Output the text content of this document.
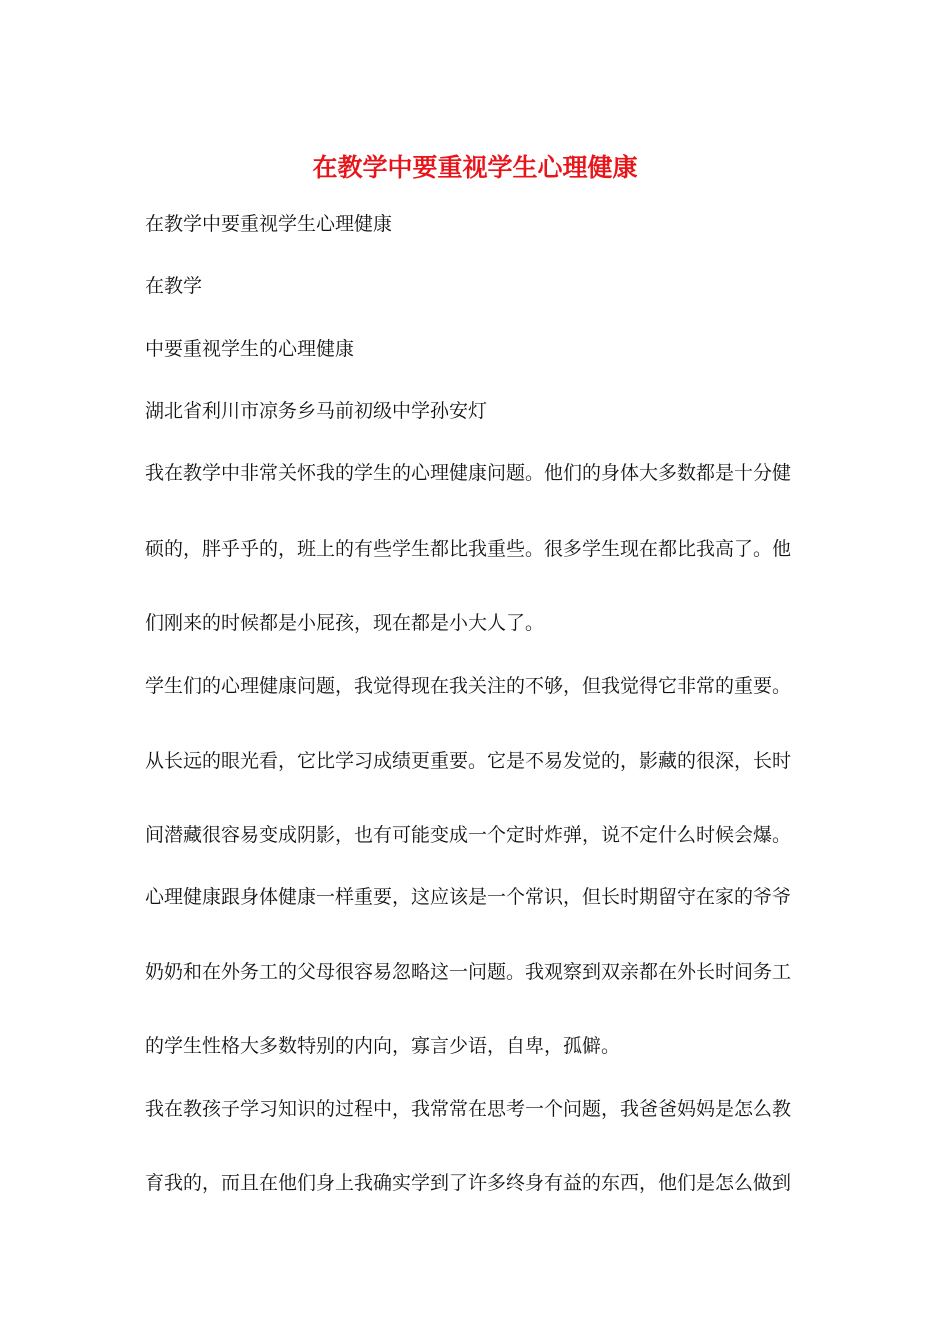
在教学中要重视学生心理健康
在教学中要重视学生心理健康
在教学
中要重视学生的心理健康
湖北省利川市凉务乡马前初级中学孙安灯
我在教学中非常关怀我的学生的心理健康问题。他们的身体大多数都是十分健
硕的，胖乎乎的，班上的有些学生都比我重些。很多学生现在都比我高了。他
们刚来的时候都是小屁孩，现在都是小大人了。
学生们的心理健康问题，我觉得现在我关注的不够，但我觉得它非常的重要。
从长远的眼光看，它比学习成绩更重要。它是不易发觉的，影藏的很深，长时
间潜藏很容易变成阴影，也有可能变成一个定时炸弹，说不定什么时候会爆。
心理健康跟身体健康一样重要，这应该是一个常识，但长时期留守在家的爷爷
奶奶和在外务工的父母很容易忽略这一问题。我观察到双亲都在外长时间务工
的学生性格大多数特别的内向，寡言少语，自卑，孤僻。
我在教孩子学习知识的过程中，我常常在思考一个问题，我爸爸妈妈是怎么教
育我的，而且在他们身上我确实学到了许多终身有益的东西，他们是怎么做到
